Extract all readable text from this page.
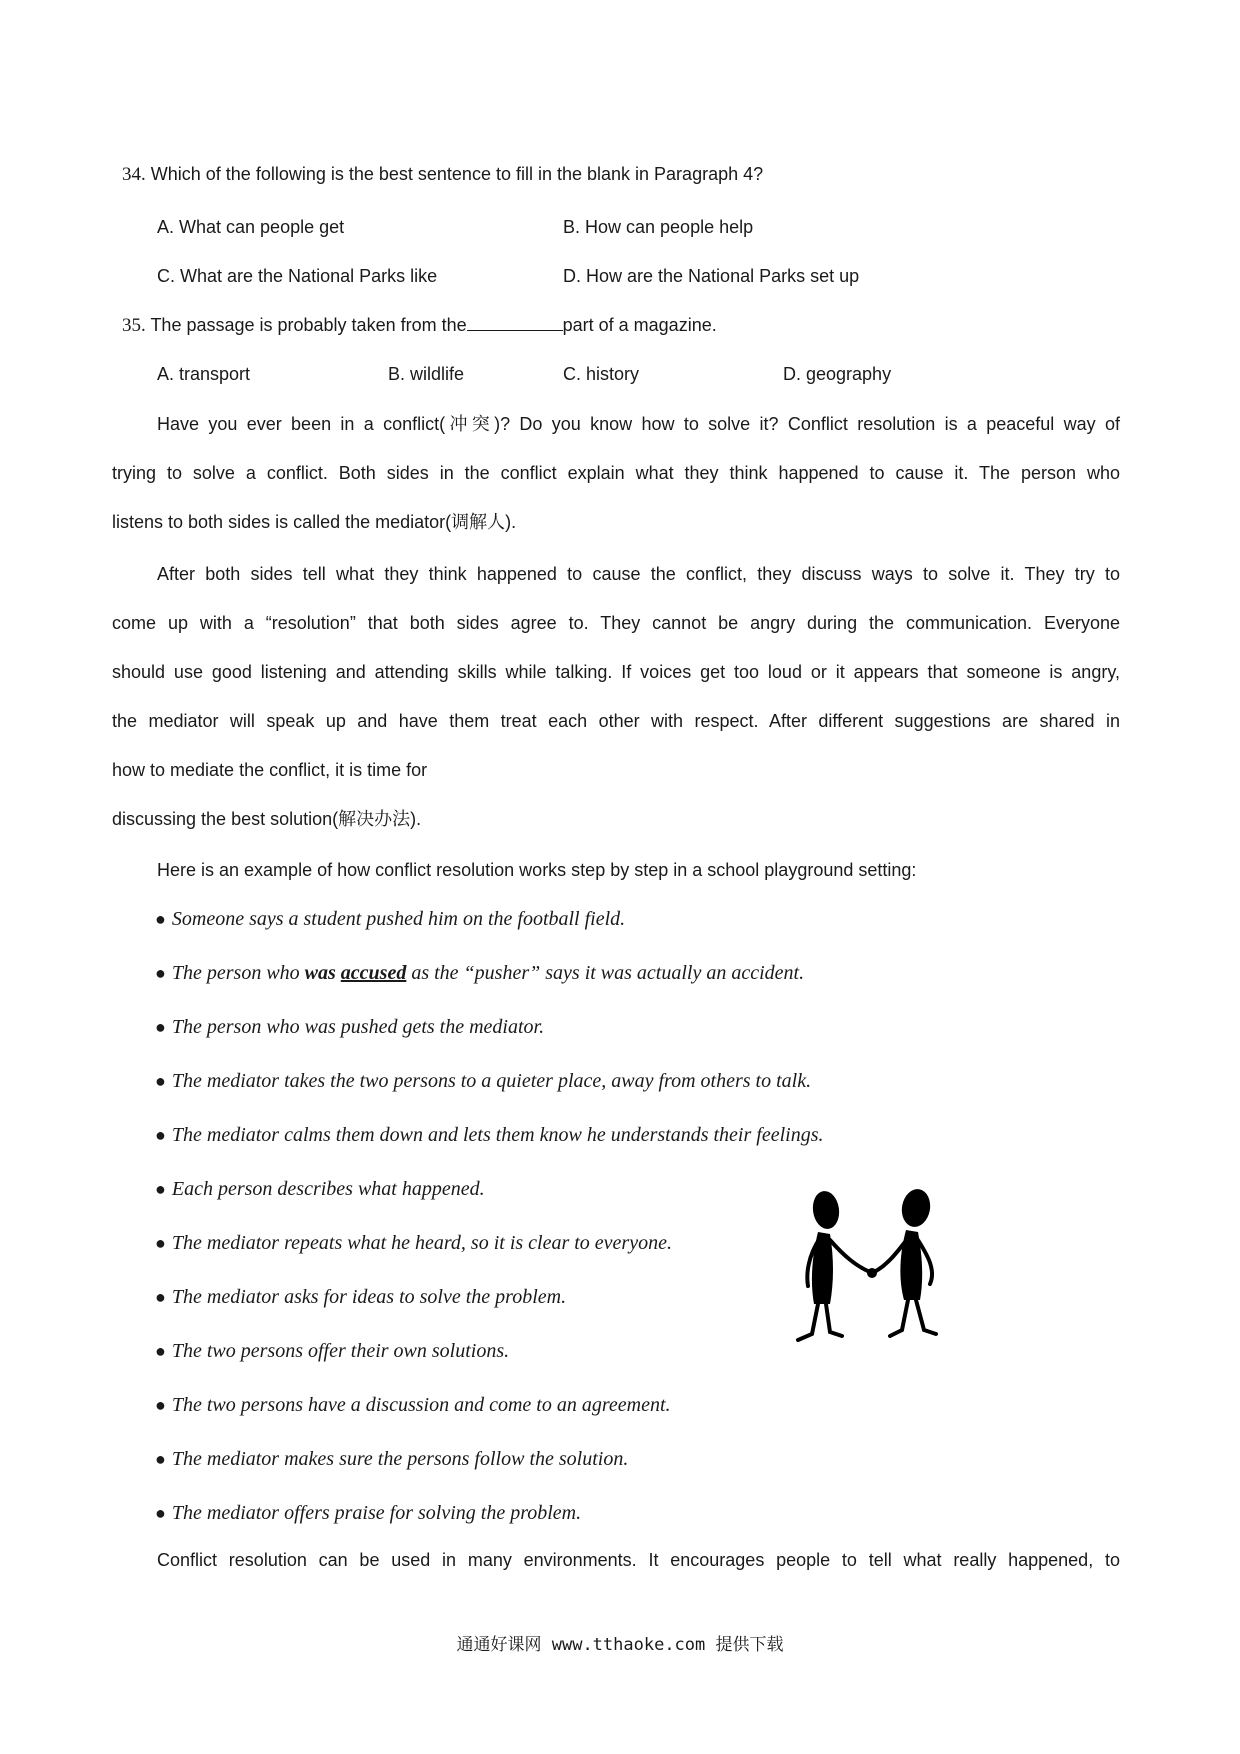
34. Which of the following is the best sentence to fill in the blank in Paragraph 4?
A. What can people get	B. How can people help
C. What are the National Parks like	D. How are the National Parks set up
35. The passage is probably taken from the	part of a magazine.
A. transport	B. wildlife	C. history	D. geography
Have you ever been in a conflict(冲突)? Do you know how to solve it? Conflict resolution is a peaceful way of
trying to solve a conflict. Both sides in the conflict explain what they think happened to cause it. The person who
listens to both sides is called the mediator(调解人).
After both sides tell what they think happened to cause the conflict, they discuss ways to solve it. They try to
come up with a “resolution” that both sides agree to. They cannot be angry during the communication. Everyone
should use good listening and attending skills while talking. If voices get too loud or it appears that someone is angry,
the mediator will speak up and have them treat each other with respect. After different suggestions are shared in
how to mediate the conflict, it is time for
discussing the best solution(解决办法).
Here is an example of how conflict resolution works step by step in a school playground setting:
● Someone says a student pushed him on the football field.
● The person who was accused as the “pusher” says it was actually an accident.
● The person who was pushed gets the mediator.
● The mediator takes the two persons to a quieter place, away from others to talk.
● The mediator calms them down and lets them know he understands their feelings.
● Each person describes what happened.
● The mediator repeats what he heard, so it is clear to everyone.
● The mediator asks for ideas to solve the problem.
● The two persons offer their own solutions.
● The two persons have a discussion and come to an agreement.
● The mediator makes sure the persons follow the solution.
● The mediator offers praise for solving the problem.
Conflict resolution can be used in many environments. It encourages people to tell what really happened, to
通通好课网 www.tthaoke.com 提供下载
